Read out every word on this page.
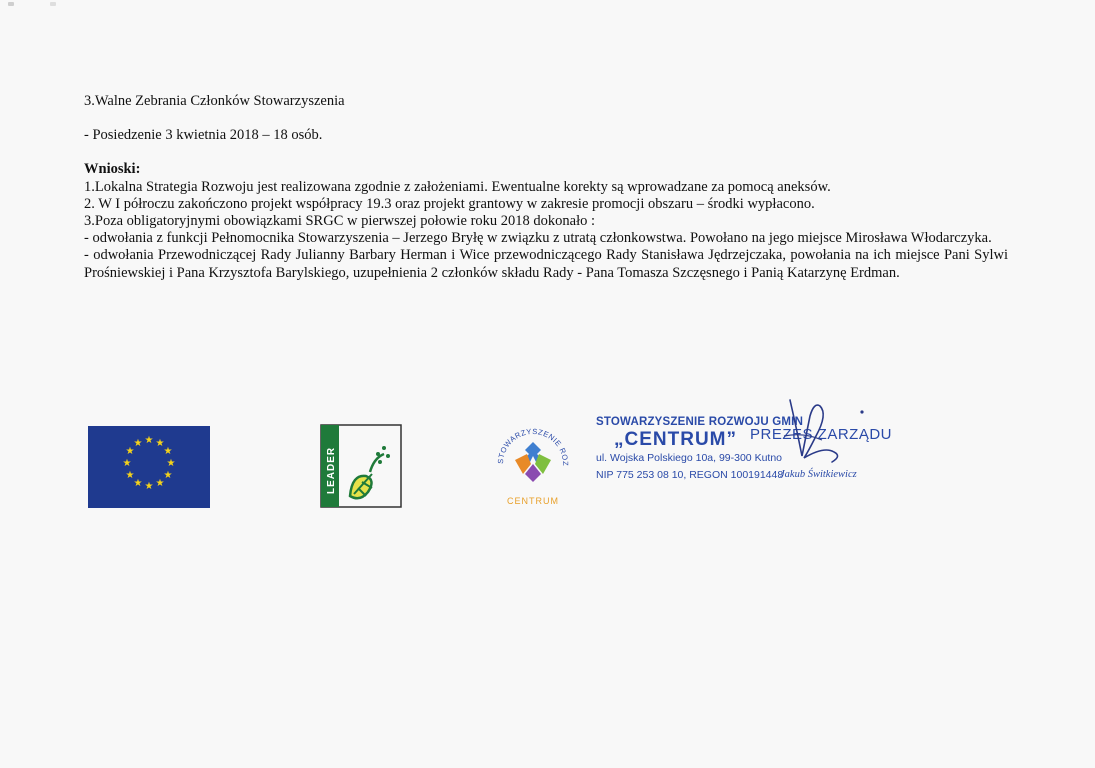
3.Walne Zebrania Członków Stowarzyszenia

- Posiedzenie 3 kwietnia 2018 – 18 osób.

Wnioski:

1.Lokalna Strategia Rozwoju jest realizowana zgodnie z założeniami. Ewentualne korekty są wprowadzane za pomocą aneksów.

2. W I półroczu zakończono projekt współpracy 19.3 oraz projekt grantowy w zakresie promocji obszaru – środki wypłacono.

3.Poza obligatoryjnymi obowiązkami SRGC w pierwszej połowie roku 2018 dokonało :

- odwołania z funkcji Pełnomocnika Stowarzyszenia – Jerzego Bryłę w związku z utratą członkowstwa. Powołano na jego miejsce Mirosława Włodarczyka.

- odwołania Przewodniczącej Rady Julianny Barbary Herman i Wice przewodniczącego Rady Stanisława Jędrzejczaka, powołania na ich miejsce Pani Sylwi Prośniewskiej i Pana Krzysztofa Barylskiego, uzupełnienia 2 członków składu Rady - Pana Tomasza Szczęsnego i Panią Katarzynę Erdman.

★ ★
★
★
★
★
★
★
★
★
★
★
LEADER	STOWARZYSZENIE ROZ
CENTRUM
STOWARZYSZENIE ROZWOJU GMIN
„CENTRUM”
ul. Wojska Polskiego 10a, 99-300 Kutno
NIP 775 253 08 10, REGON 100191448
PREZES ZARZĄDU
Jakub Świtkiewicz
